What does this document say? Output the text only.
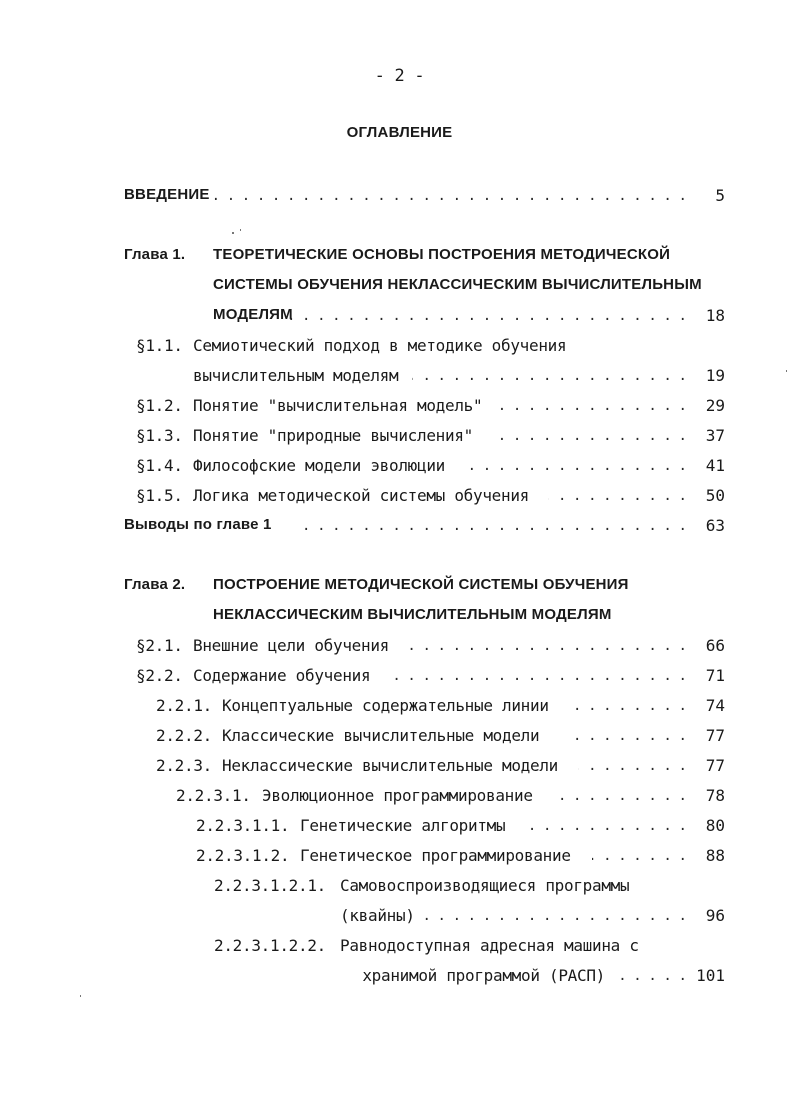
- 2 -
ОГЛАВЛЕНИЕ
ВВЕДЕНИЕ . . .	5
Глава 1. ТЕОРЕТИЧЕСКИЕ ОСНОВЫ ПОСТРОЕНИЯ МЕТОДИЧЕСКОЙ
СИСТЕМЫ ОБУЧЕНИЯ НЕКЛАССИЧЕСКИМ ВЫЧИСЛИТЕЛЬНЫМ
МОДЕЛЯМ . . .	18
§1.1. Семиотический подход в методике обучения
вычислительным моделям . . .	19
§1.2. Понятие "вычислительная модель" . . .	29
§1.3. Понятие "природные вычисления" . . .	37
§1.4. Философские модели эволюции . . .	41
§1.5. Логика методической системы обучения . . .	50
Выводы по главе 1 . . .	63
Глава 2. ПОСТРОЕНИЕ МЕТОДИЧЕСКОЙ СИСТЕМЫ ОБУЧЕНИЯ
НЕКЛАССИЧЕСКИМ ВЫЧИСЛИТЕЛЬНЫМ МОДЕЛЯМ
§2.1. Внешние цели обучения . . .	66
§2.2. Содержание обучения . . .	71
2.2.1. Концептуальные содержательные линии . . .	74
2.2.2. Классические вычислительные модели . . .	77
2.2.3. Неклассические вычислительные модели . . .	77
2.2.3.1. Эволюционное программирование . . .	78
2.2.3.1.1. Генетические алгоритмы . . .	80
2.2.3.1.2. Генетическое программирование . . .	88
2.2.3.1.2.1. Самовоспроизводящиеся программы
(квайны) . . .	96
2.2.3.1.2.2. Равнодоступная адресная машина с
хранимой программой (РАСП) . . .	101
